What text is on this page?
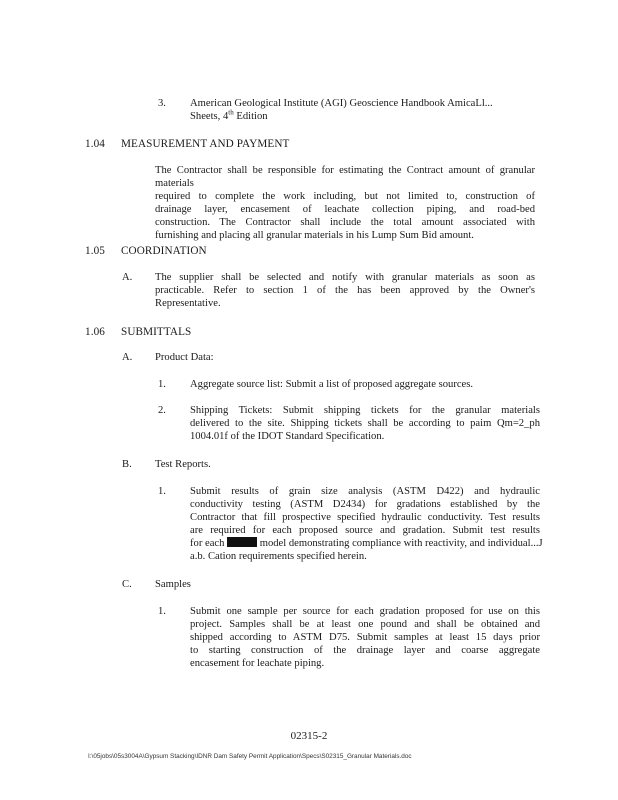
3. American Geological Institute (AGI) Geoscience Handbook AmicaLl...
Sheets, 4th Edition
1.04 MEASUREMENT AND PAYMENT
The Contractor shall be responsible for estimating the Contract amount of granular materials
required to complete the work including, but not limited to, construction of
drainage layer, encasement of leachate collection piping, and road-bed
construction. The Contractor shall include the total amount associated with
furnishing and placing all granular materials in his Lump Sum Bid amount.
1.05 COORDINATION
A. The supplier shall be selected and notify with granular materials as soon as
practicable. Refer to section 1 of the has been approved by the Owner's
Representative.
1.06 SUBMITTALS
A. Product Data:
1. Aggregate source list: Submit a list of proposed aggregate sources.
2. Shipping Tickets: Submit shipping tickets for the granular materials
delivered to the site. Shipping tickets shall be according to paim Qm=2_ph
1004.01f of the IDOT Standard Specification.
B. Test Reports.
1. Submit results of grain size analysis (ASTM D422) and hydraulic
conductivity testing (ASTM D2434) for gradations established by the
Contractor that fill prospective specified hydraulic conductivity. Test results
are required for each proposed source and gradation. Submit test results
for each	model demonstrating compliance with reactivity, and individual...J
a.b. Cation requirements specified herein.
C. Samples
1. Submit one sample per source for each gradation proposed for use on this
project. Samples shall be at least one pound and shall be obtained and
shipped according to ASTM D75. Submit samples at least 15 days prior
to starting construction of the drainage layer and coarse aggregate
encasement for leachate piping.
02315-2
I:\05jobs\05s3004A\Gypsum Stacking\IDNR Dam Safety Permit Application\Specs\S02315_Granular Materials.doc
